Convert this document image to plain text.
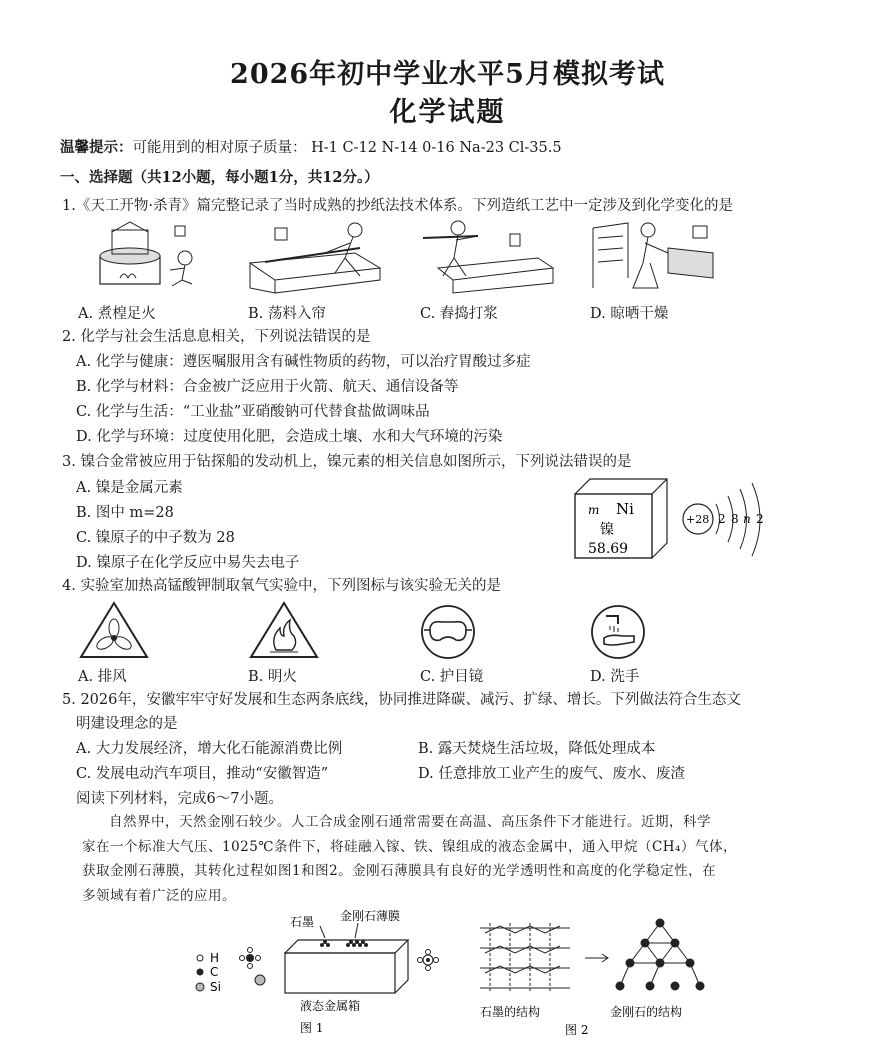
2026年初中学业水平5月模拟考试
化学试题
温馨提示：可能用到的相对原子质量： H-1 C-12 N-14 0-16 Na-23 Cl-35.5
一、选择题（共12小题，每小题1分，共12分。）
1.《天工开物·杀青》篇完整记录了当时成熟的抄纸法技术体系。下列造纸工艺中一定涉及到化学变化的是
A. 煮楻足火	B. 荡料入帘	C. 舂捣打浆	D. 晾晒干燥
2. 化学与社会生活息息相关，下列说法错误的是
A. 化学与健康：遵医嘱服用含有碱性物质的药物，可以治疗胃酸过多症
B. 化学与材料：合金被广泛应用于火箭、航天、通信设备等
C. 化学与生活：“工业盐”亚硝酸钠可代替食盐做调味品
D. 化学与环境：过度使用化肥，会造成土壤、水和大气环境的污染
3. 镍合金常被应用于钻探船的发动机上，镍元素的相关信息如图所示，下列说法错误的是
A. 镍是金属元素
B. 图中 m=28
C. 镍原子的中子数为 28
D. 镍原子在化学反应中易失去电子
m Ni
镍
58.69
+28 2 8 n 2
4. 实验室加热高锰酸钾制取氧气实验中，下列图标与该实验无关的是
A. 排风	B. 明火	C. 护目镜	D. 洗手
5. 2026年，安徽牢牢守好发展和生态两条底线，协同推进降碳、减污、扩绿、增长。下列做法符合生态文
明建设理念的是
A. 大力发展经济，增大化石能源消费比例	B. 露天焚烧生活垃圾，降低处理成本
C. 发展电动汽车项目，推动“安徽智造”	D. 任意排放工业产生的废气、废水、废渣
阅读下列材料，完成6～7小题。
自然界中，天然金刚石较少。人工合成金刚石通常需要在高温、高压条件下才能进行。近期，科学
家在一个标准大气压、1025℃条件下，将硅融入镓、铁、镍组成的液态金属中，通入甲烷（CH₄）气体，
获取金刚石薄膜，其转化过程如图1和图2。金刚石薄膜具有良好的光学透明性和高度的化学稳定性，在
多领域有着广泛的应用。
H
C
Si
石墨 金刚石薄膜
液态金属箱
图 1
石墨的结构	金刚石的结构
图 2
